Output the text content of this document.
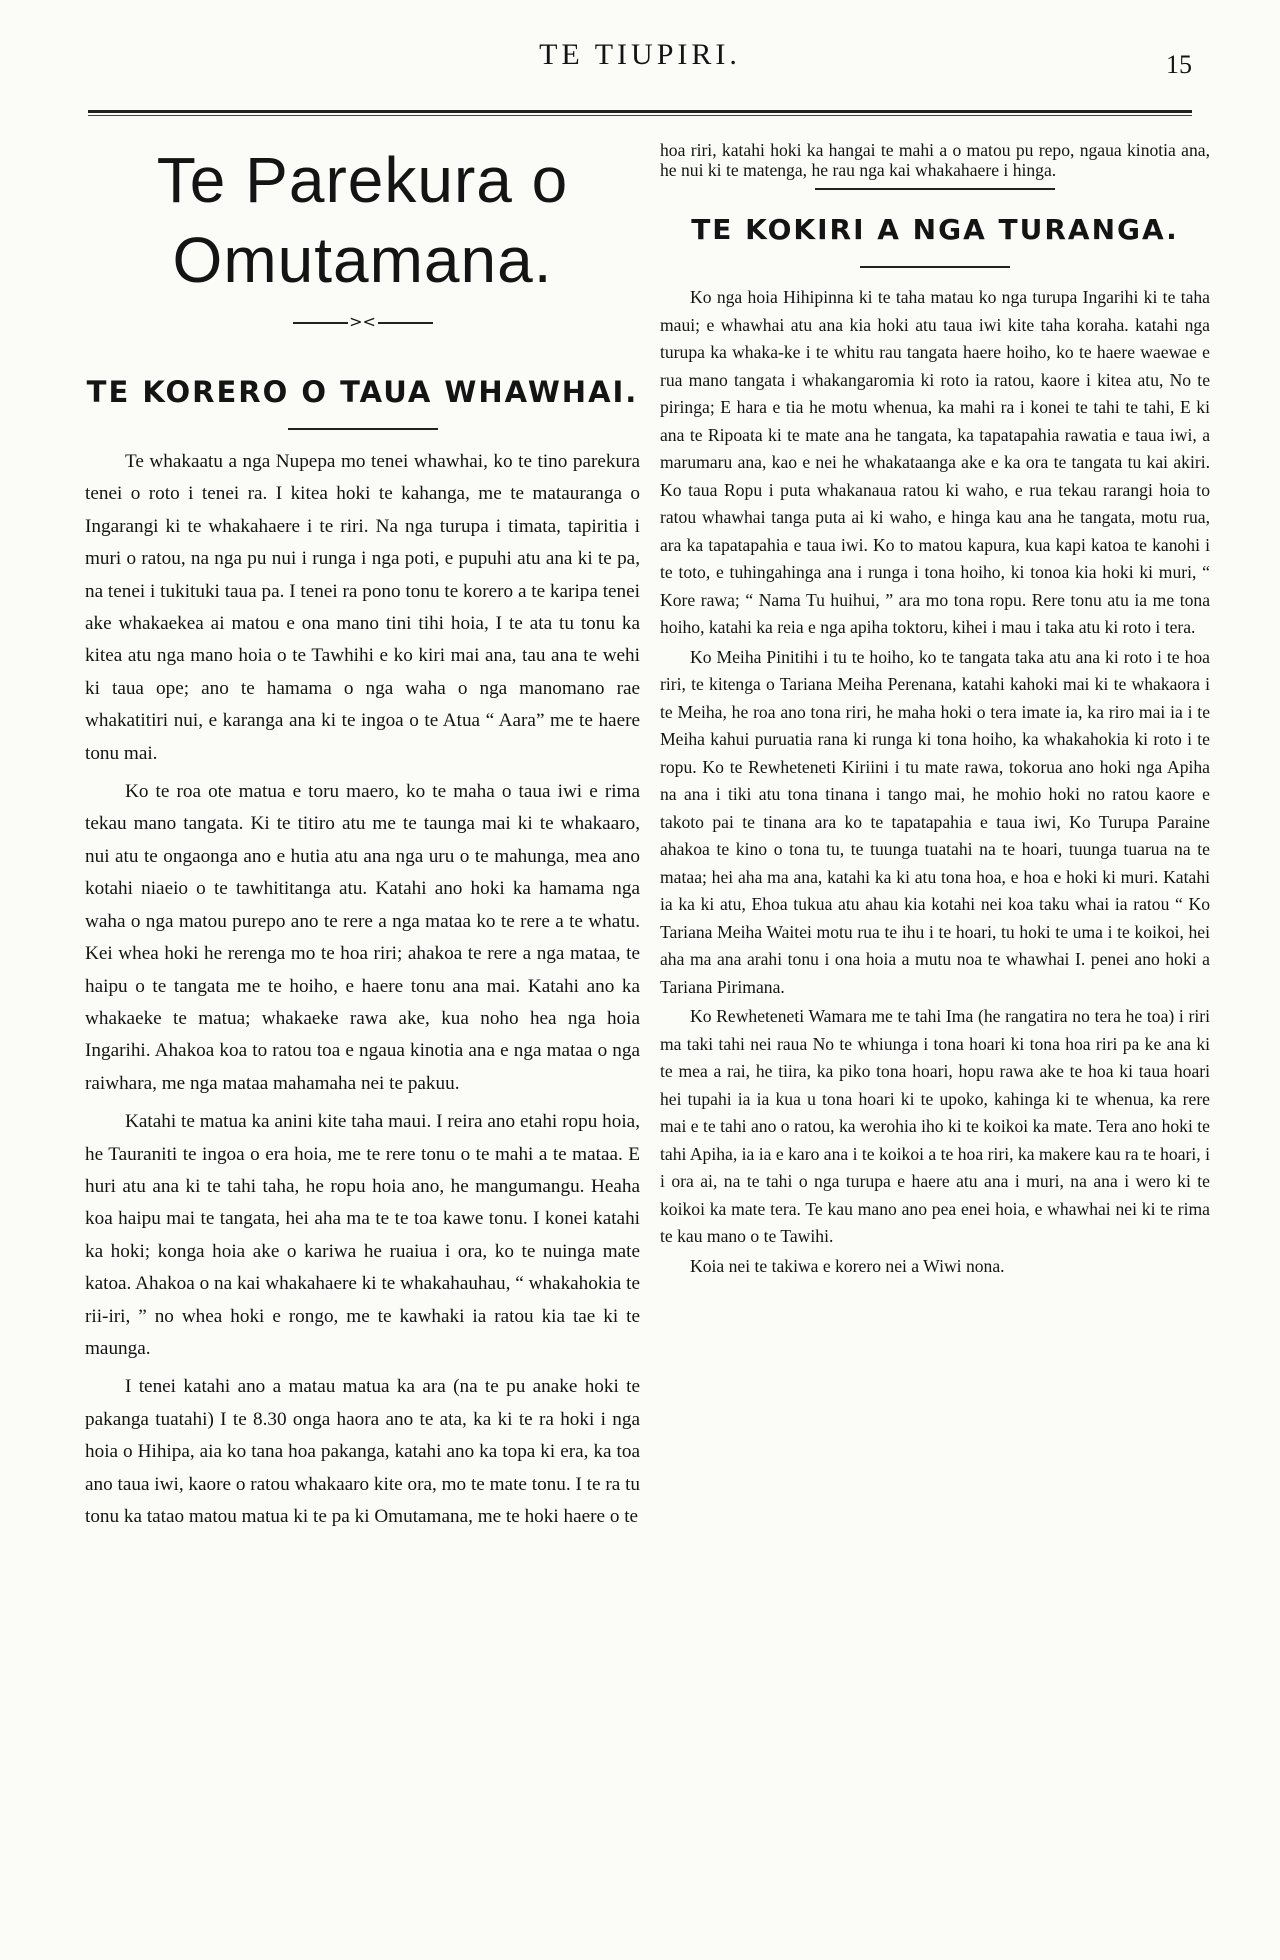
TE TIUPIRI.	15
Te Parekura o Omutamana.
><
TE KORERO O TAUA WHAWHAI.

Te whakaatu a nga Nupepa mo tenei whawhai, ko te tino parekura tenei o roto i tenei ra. I kitea hoki te kahanga, me te matauranga o Ingarangi ki te whakahaere i te riri. Na nga turupa i timata, tapiritia i muri o ratou, na nga pu nui i runga i nga poti, e pupuhi atu ana ki te pa, na tenei i tukituki taua pa. I tenei ra pono tonu te korero a te karipa tenei ake whakaekea ai matou e ona mano tini tihi hoia, I te ata tu tonu ka kitea atu nga mano hoia o te Tawhihi e ko kiri mai ana, tau ana te wehi ki taua ope; ano te hamama o nga waha o nga manomano rae whakatitiri nui, e karanga ana ki te ingoa o te Atua “ Aara” me te haere tonu mai.

Ko te roa ote matua e toru maero, ko te maha o taua iwi e rima tekau mano tangata. Ki te titiro atu me te taunga mai ki te whakaaro, nui atu te ongaonga ano e hutia atu ana nga uru o te mahunga, mea ano kotahi niaeio o te tawhititanga atu. Katahi ano hoki ka hamama nga waha o nga matou purepo ano te rere a nga mataa ko te rere a te whatu. Kei whea hoki he rerenga mo te hoa riri; ahakoa te rere a nga mataa, te haipu o te tangata me te hoiho, e haere tonu ana mai. Katahi ano ka whakaeke te matua; whakaeke rawa ake, kua noho hea nga hoia Ingarihi. Ahakoa koa to ratou toa e ngaua kinotia ana e nga mataa o nga raiwhara, me nga mataa mahamaha nei te pakuu.

Katahi te matua ka anini kite taha maui. I reira ano etahi ropu hoia, he Tauraniti te ingoa o era hoia, me te rere tonu o te mahi a te mataa. E huri atu ana ki te tahi taha, he ropu hoia ano, he mangumangu. Heaha koa haipu mai te tangata, hei aha ma te te toa kawe tonu. I konei katahi ka hoki; konga hoia ake o kariwa he ruaiua i ora, ko te nuinga mate katoa. Ahakoa o na kai whakahaere ki te whakahauhau, “ whakahokia te rii-iri, ” no whea hoki e rongo, me te kawhaki ia ratou kia tae ki te maunga.

I tenei katahi ano a matau matua ka ara (na te pu anake hoki te pakanga tuatahi) I te 8.30 onga haora ano te ata, ka ki te ra hoki i nga hoia o Hihipa, aia ko tana hoa pakanga, katahi ano ka topa ki era, ka toa ano taua iwi, kaore o ratou whakaaro kite ora, mo te mate tonu. I te ra tu tonu ka tatao matou matua ki te pa ki Omutamana, me te hoki haere o te

hoa riri, katahi hoki ka hangai te mahi a o matou pu repo, ngaua kinotia ana, he nui ki te matenga, he rau nga kai whakahaere i hinga.
TE KOKIRI A NGA TURANGA.

Ko nga hoia Hihipinna ki te taha matau ko nga turupa Ingarihi ki te taha maui; e whawhai atu ana kia hoki atu taua iwi kite taha koraha. katahi nga turupa ka whaka-ke i te whitu rau tangata haere hoiho, ko te haere waewae e rua mano tangata i whakangaromia ki roto ia ratou, kaore i kitea atu, No te piringa; E hara e tia he motu whenua, ka mahi ra i konei te tahi te tahi, E ki ana te Ripoata ki te mate ana he tangata, ka tapatapahia rawatia e taua iwi, a marumaru ana, kao e nei he whakataanga ake e ka ora te tangata tu kai akiri. Ko taua Ropu i puta whakanaua ratou ki waho, e rua tekau rarangi hoia to ratou whawhai tanga puta ai ki waho, e hinga kau ana he tangata, motu rua, ara ka tapatapahia e taua iwi. Ko to matou kapura, kua kapi katoa te kanohi i te toto, e tuhingahinga ana i runga i tona hoiho, ki tonoa kia hoki ki muri, “ Kore rawa; “ Nama Tu huihui, ” ara mo tona ropu. Rere tonu atu ia me tona hoiho, katahi ka reia e nga apiha toktoru, kihei i mau i taka atu ki roto i tera.

Ko Meiha Pinitihi i tu te hoiho, ko te tangata taka atu ana ki roto i te hoa riri, te kitenga o Tariana Meiha Perenana, katahi kahoki mai ki te whakaora i te Meiha, he roa ano tona riri, he maha hoki o tera imate ia, ka riro mai ia i te Meiha kahui puruatia rana ki runga ki tona hoiho, ka whakahokia ki roto i te ropu. Ko te Rewheteneti Kiriini i tu mate rawa, tokorua ano hoki nga Apiha na ana i tiki atu tona tinana i tango mai, he mohio hoki no ratou kaore e takoto pai te tinana ara ko te tapatapahia e taua iwi, Ko Turupa Paraine ahakoa te kino o tona tu, te tuunga tuatahi na te hoari, tuunga tuarua na te mataa; hei aha ma ana, katahi ka ki atu tona hoa, e hoa e hoki ki muri. Katahi ia ka ki atu, Ehoa tukua atu ahau kia kotahi nei koa taku whai ia ratou “ Ko Tariana Meiha Waitei motu rua te ihu i te hoari, tu hoki te uma i te koikoi, hei aha ma ana arahi tonu i ona hoia a mutu noa te whawhai I. penei ano hoki a Tariana Pirimana.

Ko Rewheteneti Wamara me te tahi Ima (he rangatira no tera he toa) i riri ma taki tahi nei raua No te whiunga i tona hoari ki tona hoa riri pa ke ana ki te mea a rai, he tiira, ka piko tona hoari, hopu rawa ake te hoa ki taua hoari hei tupahi ia ia kua u tona hoari ki te upoko, kahinga ki te whenua, ka rere mai e te tahi ano o ratou, ka werohia iho ki te koikoi ka mate. Tera ano hoki te tahi Apiha, ia ia e karo ana i te koikoi a te hoa riri, ka makere kau ra te hoari, i i ora ai, na te tahi o nga turupa e haere atu ana i muri, na ana i wero ki te koikoi ka mate tera. Te kau mano ano pea enei hoia, e whawhai nei ki te rima te kau mano o te Tawihi.

Koia nei te takiwa e korero nei a Wiwi nona.
